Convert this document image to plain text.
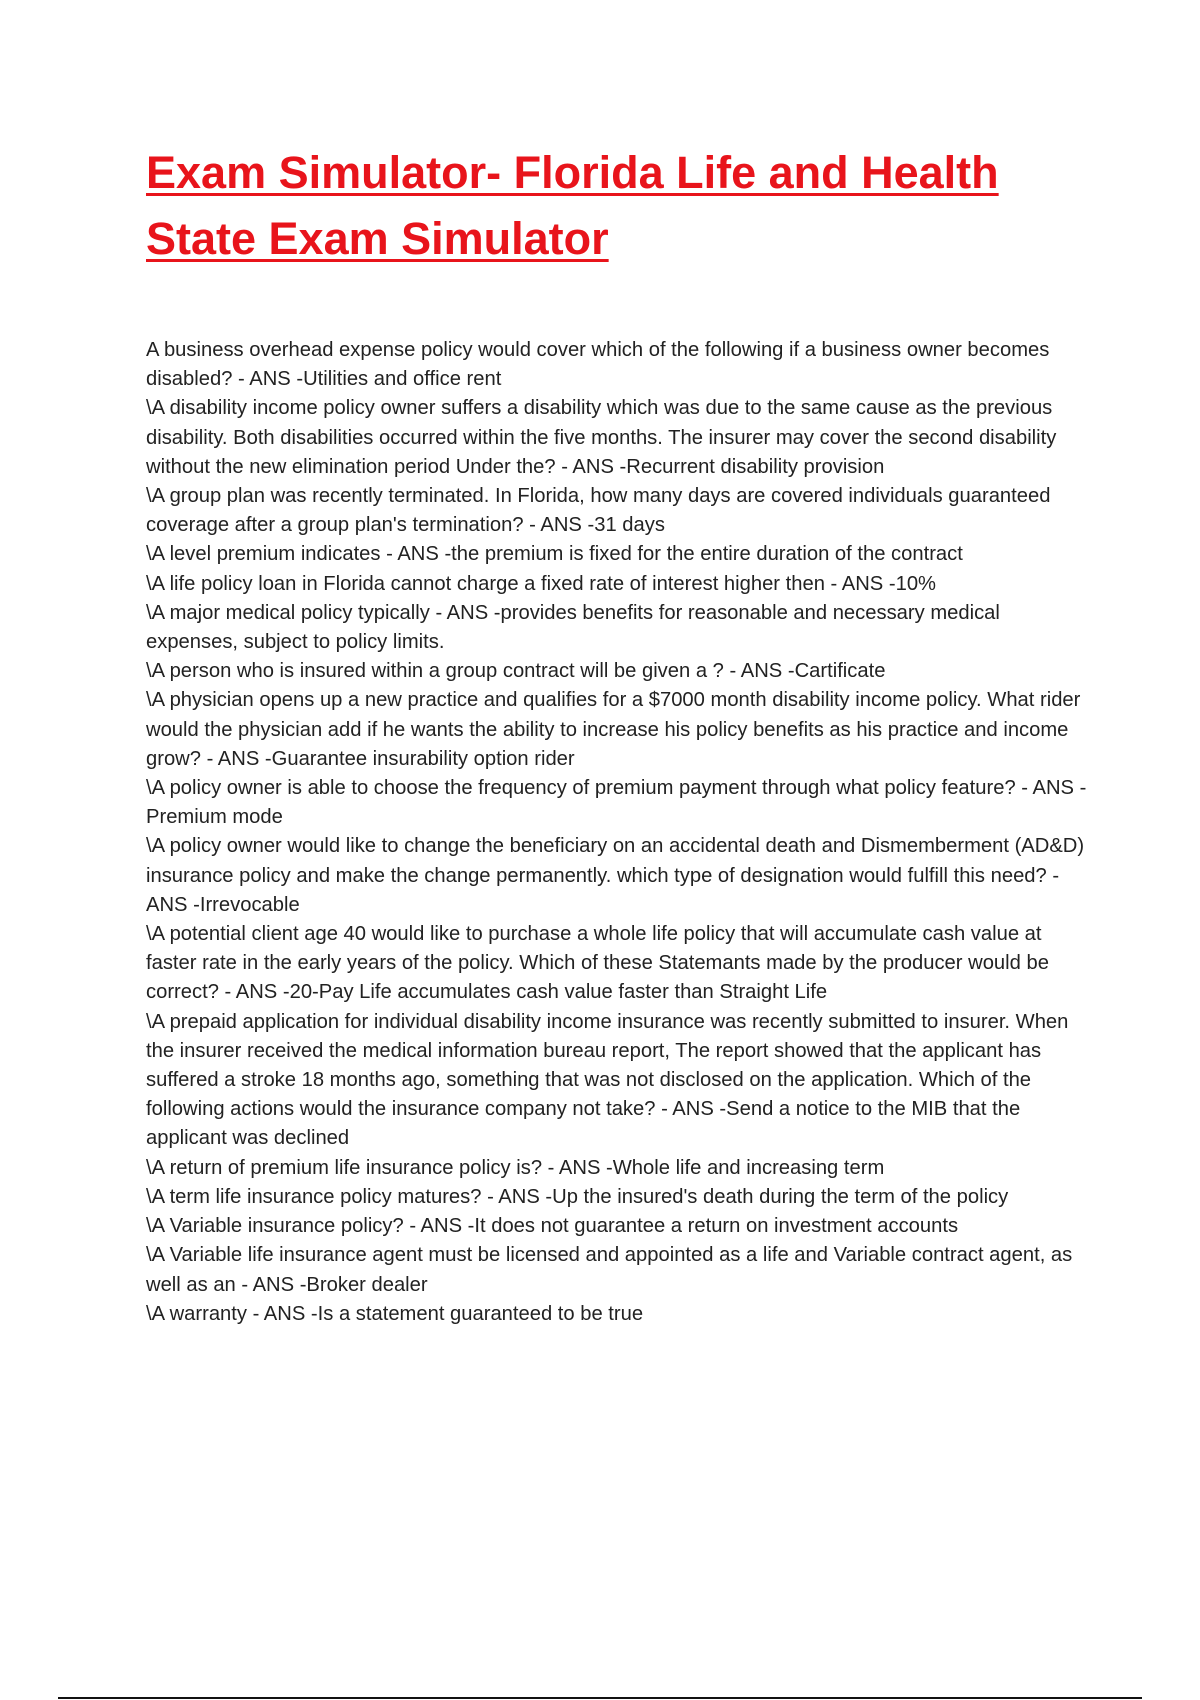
Exam Simulator- Florida Life and Health State Exam Simulator
A business overhead expense policy would cover which of the following if a business owner becomes disabled? - ANS -Utilities and office rent
\A disability income policy owner suffers a disability which was due to the same cause as the previous disability. Both disabilities occurred within the five months. The insurer may cover the second disability without the new elimination period Under the? - ANS -Recurrent disability provision
\A group plan was recently terminated. In Florida, how many days are covered individuals guaranteed coverage after a group plan's termination? - ANS -31 days
\A level premium indicates - ANS -the premium is fixed for the entire duration of the contract
\A life policy loan in Florida cannot charge a fixed rate of interest higher then - ANS -10%
\A major medical policy typically - ANS -provides benefits for reasonable and necessary medical expenses, subject to policy limits.
\A person who is insured within a group contract will be given a ? - ANS -Cartificate
\A physician opens up a new practice and qualifies for a $7000 month disability income policy. What rider would the physician add if he wants the ability to increase his policy benefits as his practice and income grow? - ANS -Guarantee insurability option rider
\A policy owner is able to choose the frequency of premium payment through what policy feature? - ANS -Premium mode
\A policy owner would like to change the beneficiary on an accidental death and Dismemberment (AD&D) insurance policy and make the change permanently. which type of designation would fulfill this need? - ANS -Irrevocable
\A potential client age 40 would like to purchase a whole life policy that will accumulate cash value at faster rate in the early years of the policy. Which of these Statemants made by the producer would be correct? - ANS -20-Pay Life accumulates cash value faster than Straight Life
\A prepaid application for individual disability income insurance was recently submitted to insurer. When the insurer received the medical information bureau report, The report showed that the applicant has suffered a stroke 18 months ago, something that was not disclosed on the application. Which of the following actions would the insurance company not take? - ANS -Send a notice to the MIB that the applicant was declined
\A return of premium life insurance policy is? - ANS -Whole life and increasing term
\A term life insurance policy matures? - ANS -Up the insured's death during the term of the policy
\A Variable insurance policy? - ANS -It does not guarantee a return on investment accounts
\A Variable life insurance agent must be licensed and appointed as a life and Variable contract agent, as well as an - ANS -Broker dealer
\A warranty - ANS -Is a statement guaranteed to be true
